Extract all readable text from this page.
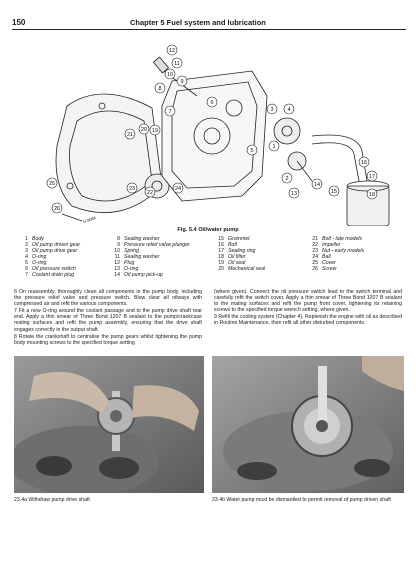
150	Chapter 5 Fuel system and lubrication
12
11
10
9
8
7
6
3	4
1
2
5
13
14
15
16
17
18
19
20
21
22
23	24
25
26
H.8084
Fig. 5.4 Oil/water pump
1 Body
2 Oil pump driven gear
3 Oil pump drive gear
4 O-ring
5 O-ring
6 Oil pressure switch
7 Coolant drain plug
8 Sealing washer
9 Pressure relief valve plunger
10 Spring
11 Sealing washer
12 Plug
13 O-ring
14 Oil pump pick-up
15 Grommet
16 Bolt
17 Sealing ring
18 Oil filter
19 Oil seal
20 Mechanical seal
21 Bolt - late models
22 Impeller
23 Nut - early models
24 Ball
25 Cover
26 Screw

6 On reassembly, thoroughly clean all components in the pump body, including the pressure relief valve and pressure switch. Blow clear all oilways with compressed air and refit the various components.

7 Fit a new O-ring around the coolant passage and to the pump drive shaft rear end. Apply a thin smear of Three Bond 1207 B sealant to the pump/crankcase mating surfaces and refit the pump assembly, ensuring that the drive shaft engages correctly in the output shaft.

8 Rotate the crankshaft to centralise the pump gears whilst tightening the pump body mounting screws to the specified torque setting

(where given). Connect the oil pressure switch lead to the switch terminal and carefully refit the switch cover. Apply a thin smear of Three Bond 1207 B sealant to the mating surfaces and refit the pump front cover, tightening its retaining screws to the specified torque wrench setting, where given.

9 Refill the cooling system (Chapter 4). Replenish the engine with oil as described in Routine Maintenance, then refit all other disturbed components.

23.4a Withdraw pump drive shaft	23.4b Water pump must be dismantled to permit removal of pump driven shaft
